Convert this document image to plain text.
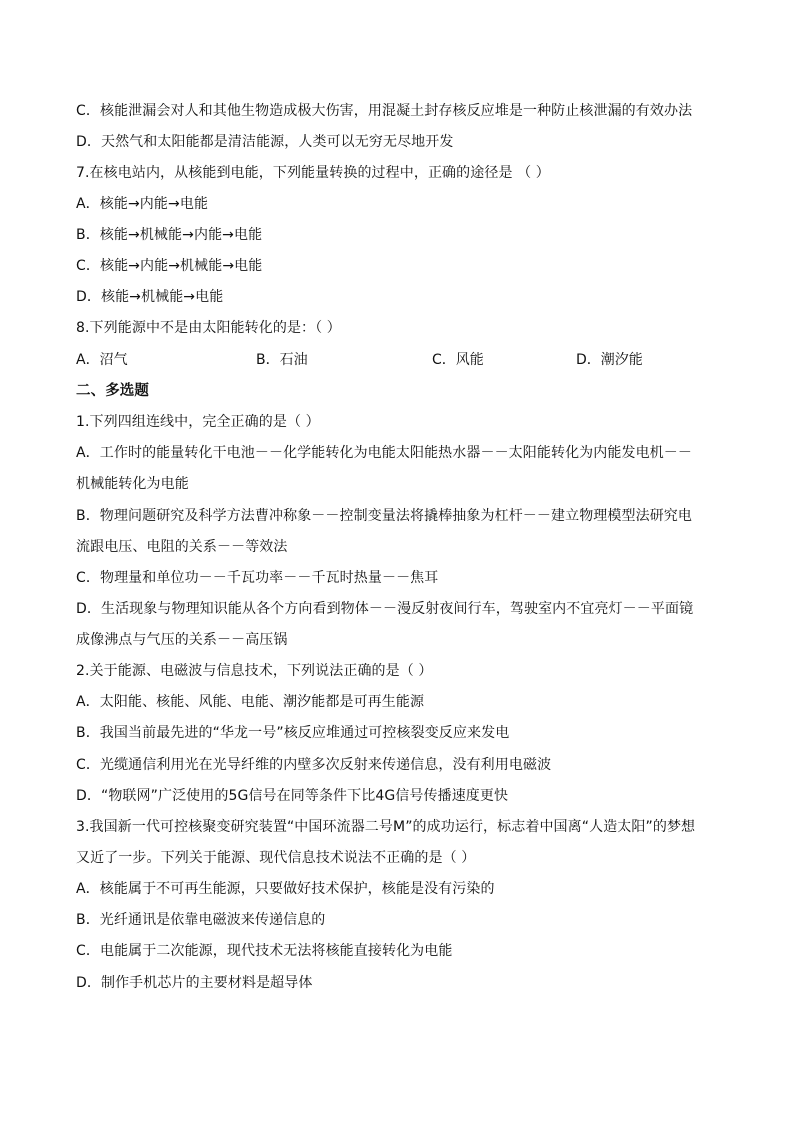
C．核能泄漏会对人和其他生物造成极大伤害，用混凝土封存核反应堆是一种防止核泄漏的有效办法
D．天然气和太阳能都是清洁能源，人类可以无穷无尽地开发
7.在核电站内，从核能到电能，下列能量转换的过程中，正确的途径是 （ ）
A．核能→内能→电能
B．核能→机械能→内能→电能
C．核能→内能→机械能→电能
D．核能→机械能→电能
8.下列能源中不是由太阳能转化的是：（ ）
A．沼气	B．石油	C．风能	D．潮汐能
二、多选题
1.下列四组连线中，完全正确的是（ ）
A．工作时的能量转化干电池－－化学能转化为电能太阳能热水器－－太阳能转化为内能发电机－－
机械能转化为电能
B．物理问题研究及科学方法曹冲称象－－控制变量法将撬棒抽象为杠杆－－建立物理模型法研究电
流跟电压、电阻的关系－－等效法
C．物理量和单位功－－千瓦功率－－千瓦时热量－－焦耳
D．生活现象与物理知识能从各个方向看到物体－－漫反射夜间行车，驾驶室内不宜亮灯－－平面镜
成像沸点与气压的关系－－高压锅
2.关于能源、电磁波与信息技术，下列说法正确的是（ ）
A．太阳能、核能、风能、电能、潮汐能都是可再生能源
B．我国当前最先进的“华龙一号”核反应堆通过可控核裂变反应来发电
C．光缆通信利用光在光导纤维的内壁多次反射来传递信息，没有利用电磁波
D．“物联网”广泛使用的5G信号在同等条件下比4G信号传播速度更快
3.我国新一代可控核聚变研究装置“中国环流器二号M”的成功运行，标志着中国离“人造太阳”的梦想
又近了一步。下列关于能源、现代信息技术说法不正确的是（ ）
A．核能属于不可再生能源，只要做好技术保护，核能是没有污染的
B．光纤通讯是依靠电磁波来传递信息的
C．电能属于二次能源，现代技术无法将核能直接转化为电能
D．制作手机芯片的主要材料是超导体
